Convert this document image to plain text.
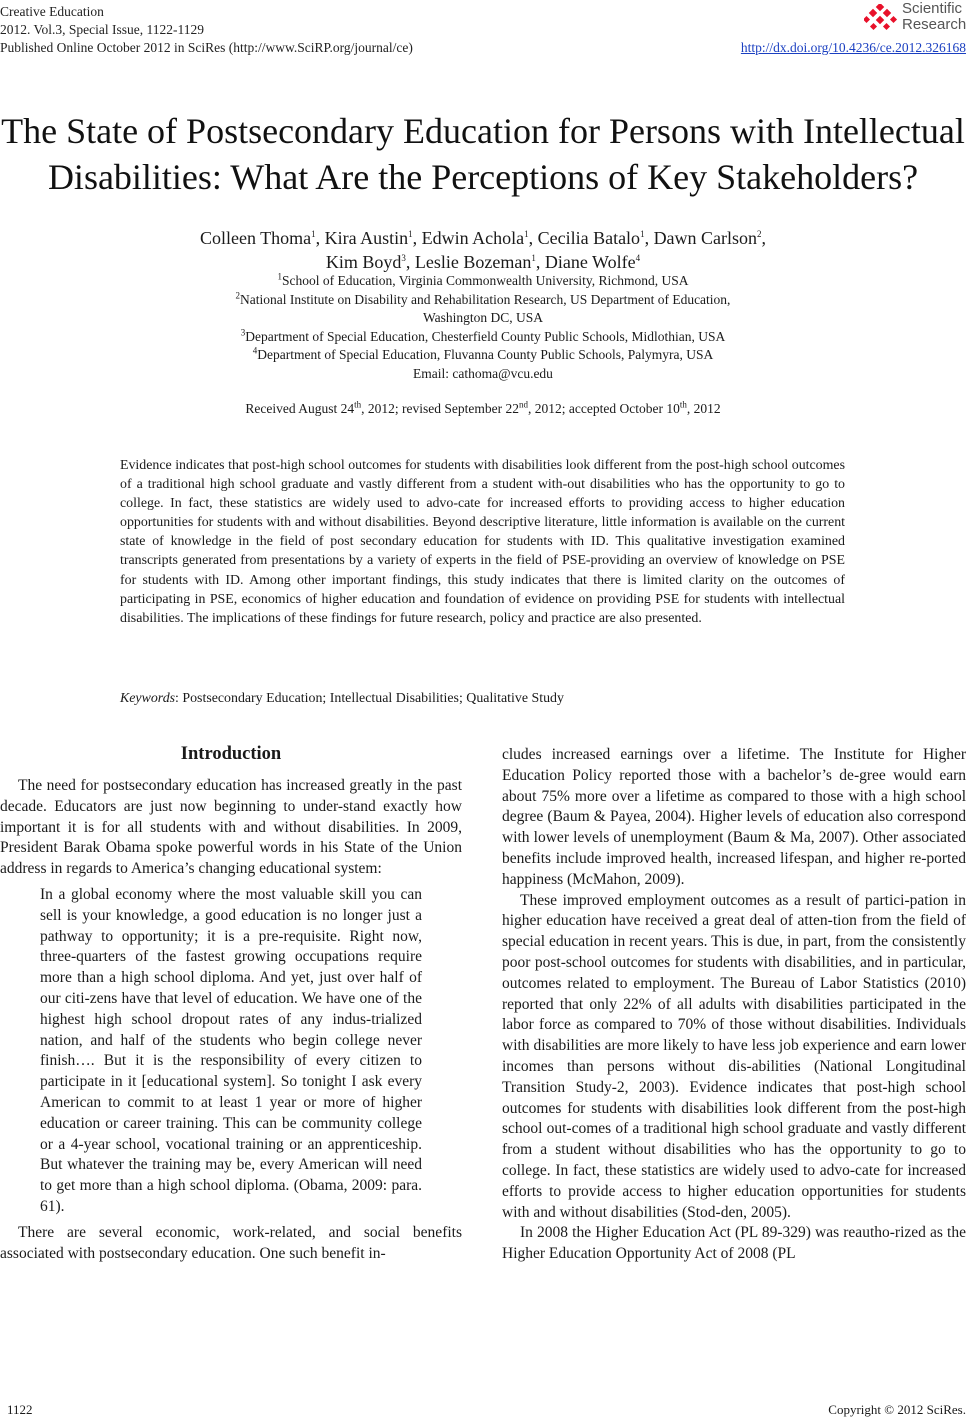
Creative Education
2012. Vol.3, Special Issue, 1122-1129
Published Online October 2012 in SciRes (http://www.SciRP.org/journal/ce)	http://dx.doi.org/10.4236/ce.2012.326168
Scientific
Research
The State of Postsecondary Education for Persons with Intellectual
Disabilities: What Are the Perceptions of Key Stakeholders?
Colleen Thoma$^1$, Kira Austin$^1$, Edwin Achola$^1$, Cecilia Batalo$^1$, Dawn Carlson$^2$,
Kim Boyd$^3$, Leslie Bozeman$^1$, Diane Wolfe$^4$
$^1$School of Education, Virginia Commonwealth University, Richmond, USA
$^2$National Institute on Disability and Rehabilitation Research, US Department of Education,
Washington DC, USA
$^3$Department of Special Education, Chesterfield County Public Schools, Midlothian, USA
$^4$Department of Special Education, Fluvanna County Public Schools, Palymyra, USA
Email: cathoma@vcu.edu
Received August 24th, 2012; revised September 22nd, 2012; accepted October 10th, 2012
Evidence indicates that post-high school outcomes for students with disabilities look different from the post-high school outcomes of a traditional high school graduate and vastly different from a student with-out disabilities who has the opportunity to go to college. In fact, these statistics are widely used to advo-cate for increased efforts to providing access to higher education opportunities for students with and without disabilities. Beyond descriptive literature, little information is available on the current state of knowledge in the field of post secondary education for students with ID. This qualitative investigation examined transcripts generated from presentations by a variety of experts in the field of PSE-providing an overview of knowledge on PSE for students with ID. Among other important findings, this study indicates that there is limited clarity on the outcomes of participating in PSE, economics of higher education and foundation of evidence on providing PSE for students with intellectual disabilities. The implications of these findings for future research, policy and practice are also presented.
Keywords: Postsecondary Education; Intellectual Disabilities; Qualitative Study
Introduction

The need for postsecondary education has increased greatly in the past decade. Educators are just now beginning to under-stand exactly how important it is for all students with and without disabilities. In 2009, President Barak Obama spoke powerful words in his State of the Union address in regards to America’s changing educational system:

In a global economy where the most valuable skill you can sell is your knowledge, a good education is no longer just a pathway to opportunity; it is a pre-requisite. Right now, three-quarters of the fastest growing occupations require more than a high school diploma. And yet, just over half of our citi-zens have that level of education. We have one of the highest high school dropout rates of any indus-trialized nation, and half of the students who begin college never finish…. But it is the responsibility of every citizen to participate in it [educational system]. So tonight I ask every American to commit to at least 1 year or more of higher education or career training. This can be community college or a 4-year school, vocational training or an apprenticeship. But whatever the training may be, every American will need to get more than a high school diploma. (Obama, 2009: para. 61).

There are several economic, work-related, and social benefits associated with postsecondary education. One such benefit in-

cludes increased earnings over a lifetime. The Institute for Higher Education Policy reported those with a bachelor’s de-gree would earn about 75% more over a lifetime as compared to those with a high school degree (Baum & Payea, 2004). Higher levels of education also correspond with lower levels of unemployment (Baum & Ma, 2007). Other associated benefits include improved health, increased lifespan, and higher re-ported happiness (McMahon, 2009).

These improved employment outcomes as a result of partici-pation in higher education have received a great deal of atten-tion from the field of special education in recent years. This is due, in part, from the consistently poor post-school outcomes for students with disabilities, and in particular, outcomes related to employment. The Bureau of Labor Statistics (2010) reported that only 22% of all adults with disabilities participated in the labor force as compared to 70% of those without disabilities. Individuals with disabilities are more likely to have less job experience and earn lower incomes than persons without dis-abilities (National Longitudinal Transition Study-2, 2003). Evidence indicates that post-high school outcomes for students with disabilities look different from the post-high school out-comes of a traditional high school graduate and vastly different from a student without disabilities who has the opportunity to go to college. In fact, these statistics are widely used to advo-cate for increased efforts to provide access to higher education opportunities for students with and without disabilities (Stod-den, 2005).

In 2008 the Higher Education Act (PL 89-329) was reautho-rized as the Higher Education Opportunity Act of 2008 (PL

1122	Copyright © 2012 SciRes.
